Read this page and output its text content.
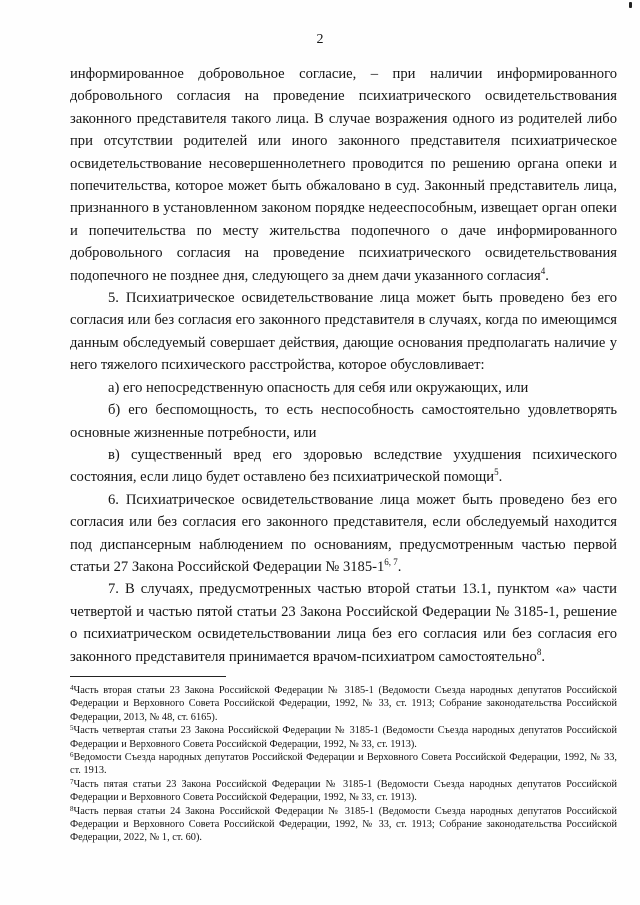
2

информированное добровольное согласие, – при наличии информированного добровольного согласия на проведение психиатрического освидетельствования законного представителя такого лица. В случае возражения одного из родителей либо при отсутствии родителей или иного законного представителя психиатрическое освидетельствование несовершеннолетнего проводится по решению органа опеки и попечительства, которое может быть обжаловано в суд. Законный представитель лица, признанного в установленном законом порядке недееспособным, извещает орган опеки и попечительства по месту жительства подопечного о даче информированного добровольного согласия на проведение психиатрического освидетельствования подопечного не позднее дня, следующего за днем дачи указанного согласия$^4$.

5. Психиатрическое освидетельствование лица может быть проведено без его согласия или без согласия его законного представителя в случаях, когда по имеющимся данным обследуемый совершает действия, дающие основания предполагать наличие у него тяжелого психического расстройства, которое обусловливает:

а) его непосредственную опасность для себя или окружающих, или

б) его беспомощность, то есть неспособность самостоятельно удовлетворять основные жизненные потребности, или

в) существенный вред его здоровью вследствие ухудшения психического состояния, если лицо будет оставлено без психиатрической помощи$^5$.

6. Психиатрическое освидетельствование лица может быть проведено без его согласия или без согласия его законного представителя, если обследуемый находится под диспансерным наблюдением по основаниям, предусмотренным частью первой статьи 27 Закона Российской Федерации № 3185-1$^{6, 7}$.

7. В случаях, предусмотренных частью второй статьи 13.1, пунктом «а» части четвертой и частью пятой статьи 23 Закона Российской Федерации № 3185-1, решение о психиатрическом освидетельствовании лица без его согласия или без согласия его законного представителя принимается врачом-психиатром самостоятельно$^8$.

$^4$Часть вторая статьи 23 Закона Российской Федерации № 3185-1 (Ведомости Съезда народных депутатов Российской Федерации и Верховного Совета Российской Федерации, 1992, № 33, ст. 1913; Собрание законодательства Российской Федерации, 2013, № 48, ст. 6165).

$^5$Часть четвертая статьи 23 Закона Российской Федерации № 3185-1 (Ведомости Съезда народных депутатов Российской Федерации и Верховного Совета Российской Федерации, 1992, № 33, ст. 1913).

$^6$Ведомости Съезда народных депутатов Российской Федерации и Верховного Совета Российской Федерации, 1992, № 33, ст. 1913.

$^7$Часть пятая статьи 23 Закона Российской Федерации № 3185-1 (Ведомости Съезда народных депутатов Российской Федерации и Верховного Совета Российской Федерации, 1992, № 33, ст. 1913).

$^8$Часть первая статьи 24 Закона Российской Федерации № 3185-1 (Ведомости Съезда народных депутатов Российской Федерации и Верховного Совета Российской Федерации, 1992, № 33, ст. 1913; Собрание законодательства Российской Федерации, 2022, № 1, ст. 60).
